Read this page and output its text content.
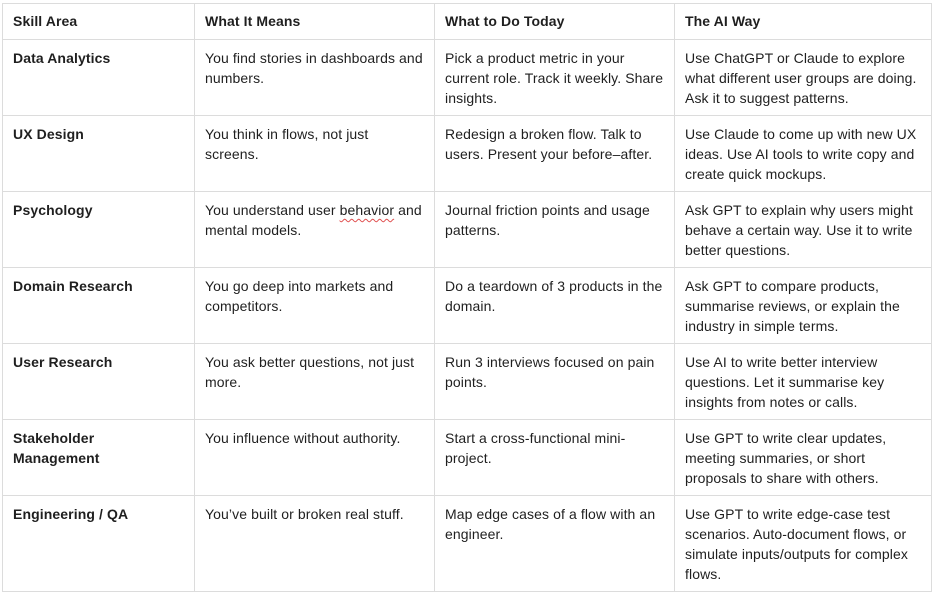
Skill Area	What It Means	What to Do Today	The AI Way
Data Analytics	You find stories in dashboards and numbers.	Pick a product metric in your current role. Track it weekly. Share insights.	Use ChatGPT or Claude to explore what different user groups are doing. Ask it to suggest patterns.
UX Design	You think in flows, not just screens.	Redesign a broken flow. Talk to users. Present your before–after.	Use Claude to come up with new UX ideas. Use AI tools to write copy and create quick mockups.
Psychology	You understand user behavior and mental models.	Journal friction points and usage patterns.	Ask GPT to explain why users might behave a certain way. Use it to write better questions.
Domain Research	You go deep into markets and competitors.	Do a teardown of 3 products in the domain.	Ask GPT to compare products, summarise reviews, or explain the industry in simple terms.
User Research	You ask better questions, not just more.	Run 3 interviews focused on pain points.	Use AI to write better interview questions. Let it summarise key insights from notes or calls.
Stakeholder Management	You influence without authority.	Start a cross-functional mini-project.	Use GPT to write clear updates, meeting summaries, or short proposals to share with others.
Engineering / QA	You’ve built or broken real stuff.	Map edge cases of a flow with an engineer.	Use GPT to write edge-case test scenarios. Auto-document flows, or simulate inputs/outputs for complex flows.
